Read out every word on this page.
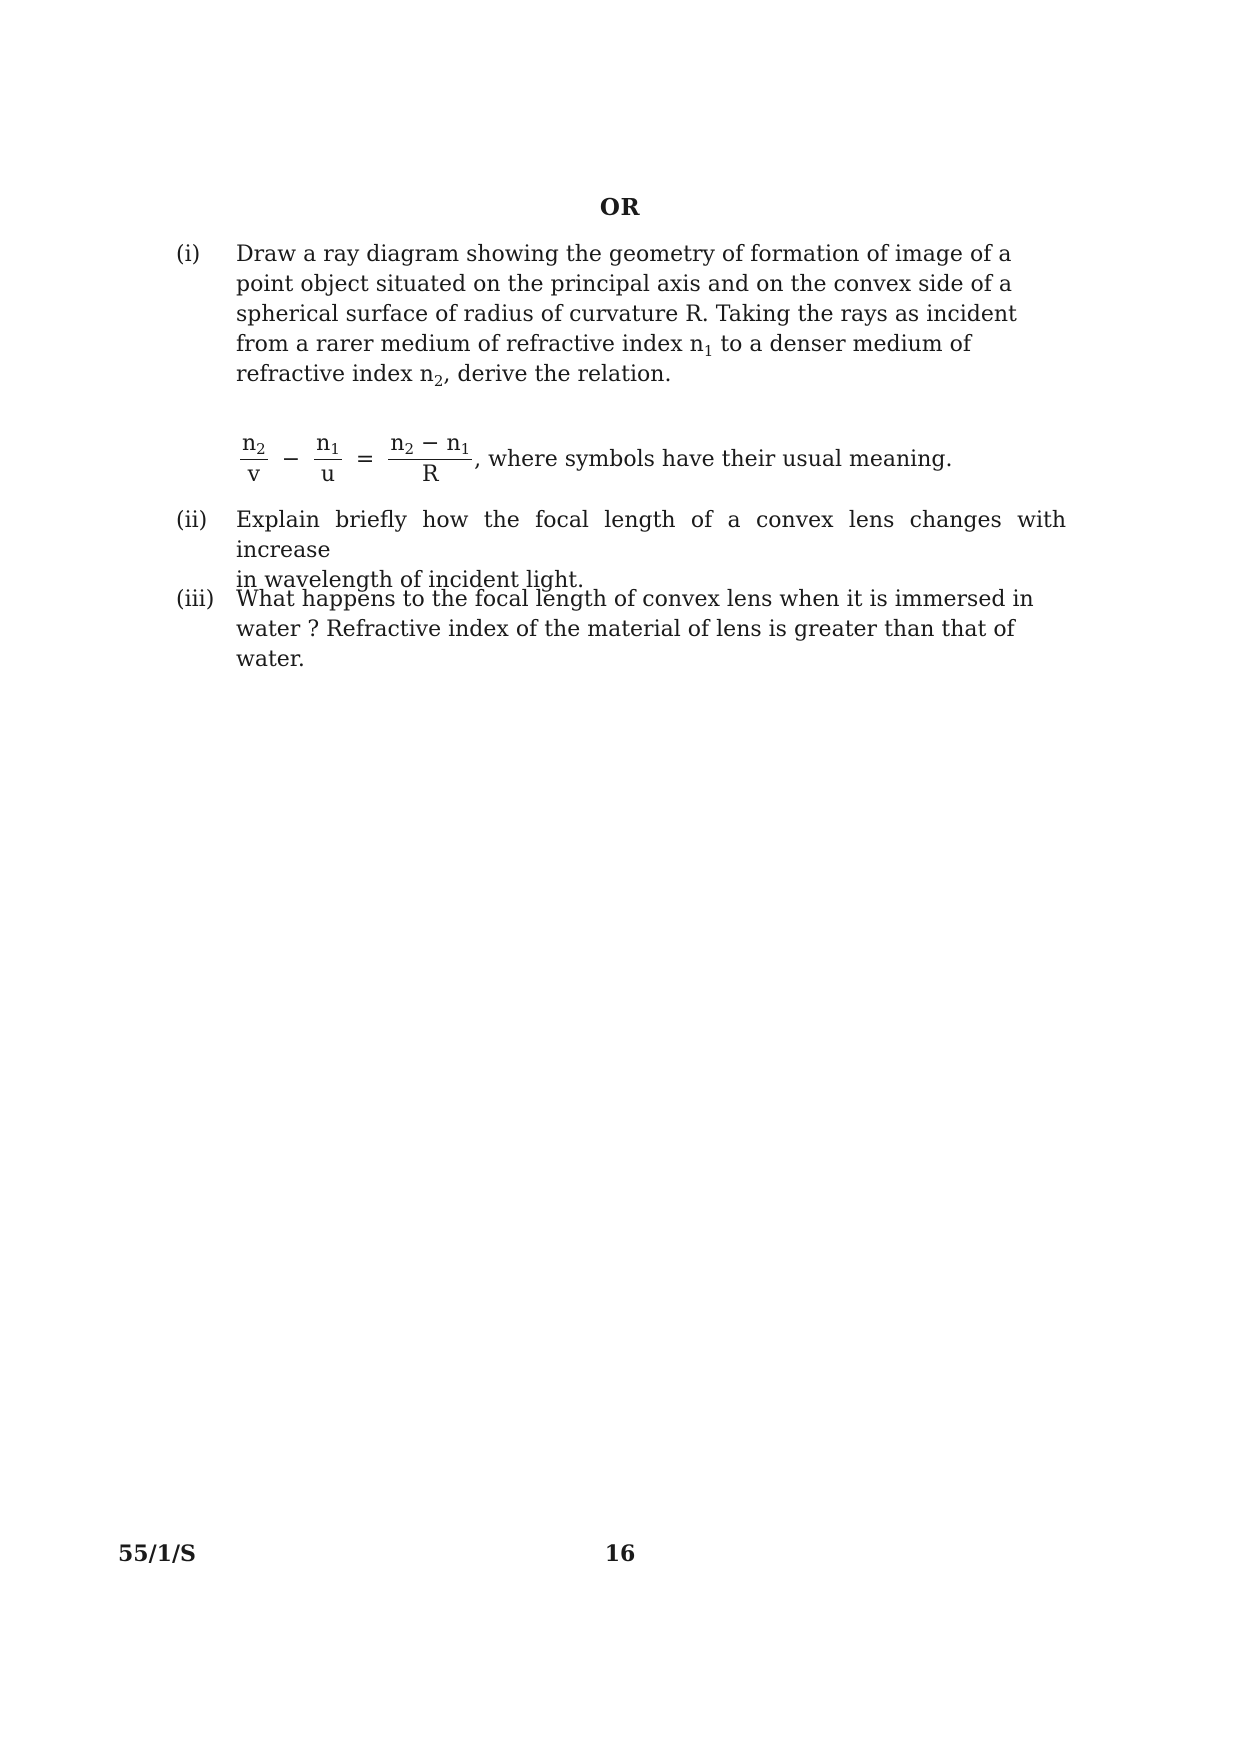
OR
(i) Draw a ray diagram showing the geometry of formation of image of a

point object situated on the principal axis and on the convex side of a

spherical surface of radius of curvature R. Taking the rays as incident

from a rarer medium of refractive index $n_1$ to a denser medium of

refractive index $n_2$, derive the relation.

$\frac{n_2}{v} - \frac{n_1}{u} = \frac{n_2 - n_1}{R}$ , where symbols have their usual meaning.
(ii) Explain briefly how the focal length of a convex lens changes with increase

in wavelength of incident light.

(iii) What happens to the focal length of convex lens when it is immersed in

water ? Refractive index of the material of lens is greater than that of

water.

55/1/S	16
